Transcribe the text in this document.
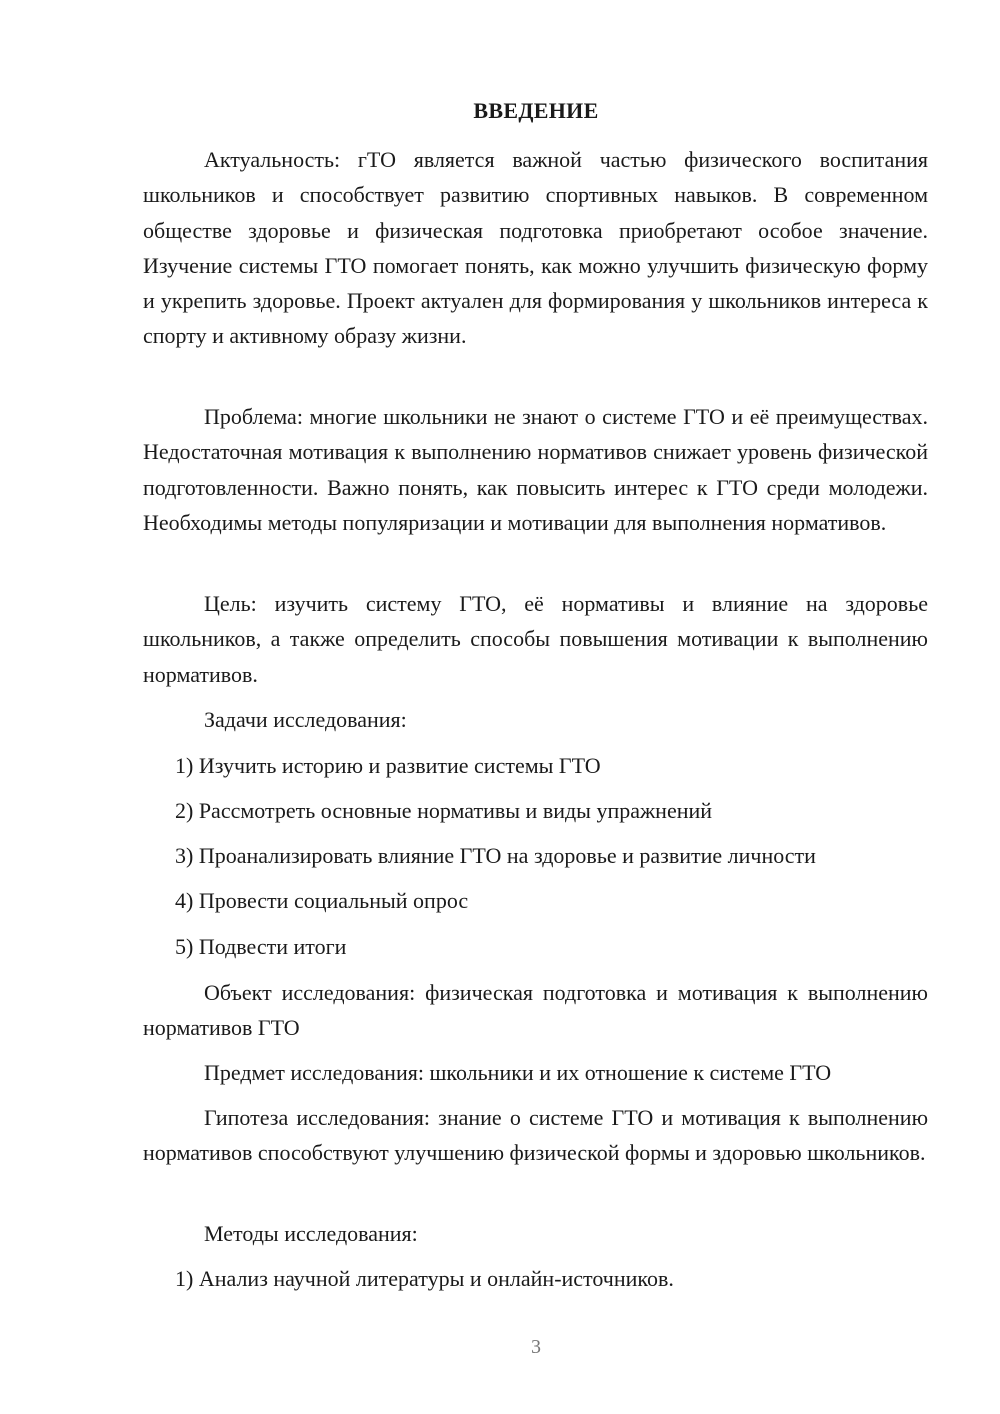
ВВЕДЕНИЕ

Актуальность: гТО является важной частью физического воспитания школьников и способствует развитию спортивных навыков. В современном обществе здоровье и физическая подготовка приобретают особое значение. Изучение системы ГТО помогает понять, как можно улучшить физическую форму и укрепить здоровье. Проект актуален для формирования у школьников интереса к спорту и активному образу жизни.

Проблема: многие школьники не знают о системе ГТО и её преимуществах. Недостаточная мотивация к выполнению нормативов снижает уровень физической подготовленности. Важно понять, как повысить интерес к ГТО среди молодежи. Необходимы методы популяризации и мотивации для выполнения нормативов.

Цель: изучить систему ГТО, её нормативы и влияние на здоровье школьников, а также определить способы повышения мотивации к выполнению нормативов.

Задачи исследования:

1) Изучить историю и развитие системы ГТО

2) Рассмотреть основные нормативы и виды упражнений

3) Проанализировать влияние ГТО на здоровье и развитие личности

4) Провести социальный опрос

5) Подвести итоги

Объект исследования: физическая подготовка и мотивация к выполнению нормативов ГТО

Предмет исследования: школьники и их отношение к системе ГТО

Гипотеза исследования: знание о системе ГТО и мотивация к выполнению нормативов способствуют улучшению физической формы и здоровью школьников.

Методы исследования:

1) Анализ научной литературы и онлайн-источников.

3
